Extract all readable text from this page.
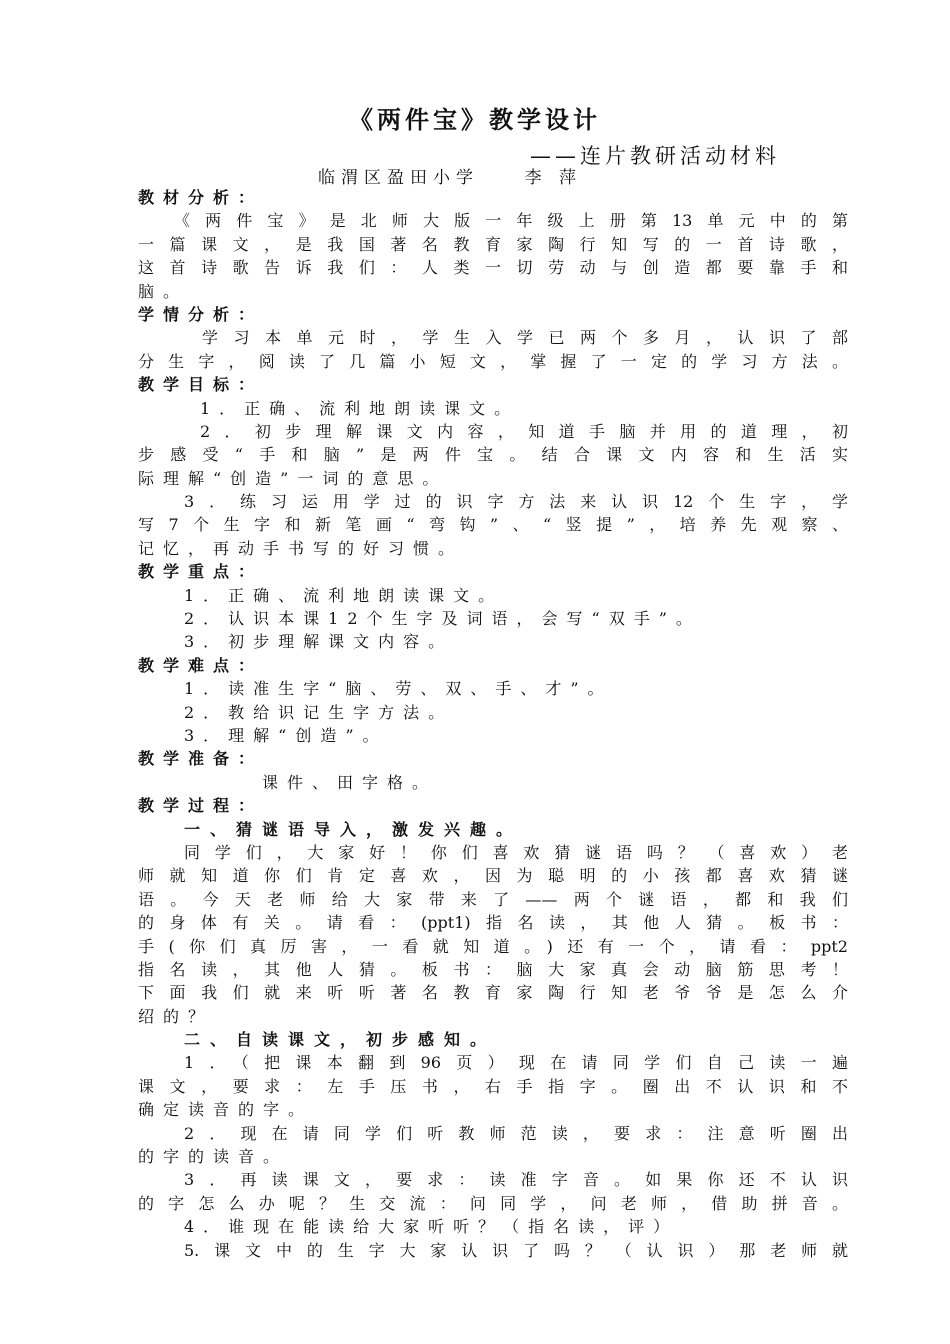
《两件宝》教学设计
——连片教研活动材料
临渭区盈田小学    李 萍
教材分析：
《两件宝》是北师大版一年级上册第13单元中的第
一篇课文，是我国著名教育家陶行知写的一首诗歌，
这首诗歌告诉我们：人类一切劳动与创造都要靠手和
脑。
学情分析：
学习本单元时，学生入学已两个多月，认识了部
分生字，阅读了几篇小短文，掌握了一定的学习方法。
教学目标：
1．正确、流利地朗读课文。
2．初步理解课文内容，知道手脑并用的道理，初
步感受“手和脑”是两件宝。结合课文内容和生活实
际理解“创造”一词的意思。
3．练习运用学过的识字方法来认识12个生字，学
写7个生字和新笔画“弯钩”、“竖提”，培养先观察、
记忆，再动手书写的好习惯。
教学重点：
1．正确、流利地朗读课文。
2．认识本课12个生字及词语，会写“双手”。
3．初步理解课文内容。
教学难点：
1．读准生字“脑、劳、双、手、才”。
2．教给识记生字方法。
3．理解“创造”。
教学准备：
课件、田字格。
教学过程：
一、猜谜语导入，激发兴趣。
同学们，大家好！你们喜欢猜谜语吗？（喜欢）老
师就知道你们肯定喜欢，因为聪明的小孩都喜欢猜谜
语。今天老师给大家带来了——两个谜语，都和我们
的身体有关。请看：(ppt1)指名读，其他人猜。板书：
手(你们真厉害，一看就知道。)还有一个，请看：ppt2
指名读，其他人猜。板书：脑大家真会动脑筋思考！
下面我们就来听听著名教育家陶行知老爷爷是怎么介
绍的？
二、自读课文，初步感知。
1．（把课本翻到96页）现在请同学们自己读一遍
课文，要求：左手压书，右手指字。圈出不认识和不
确定读音的字。
2．现在请同学们听教师范读，要求：注意听圈出
的字的读音。
3．再读课文，要求：读准字音。如果你还不认识
的字怎么办呢？生交流：问同学，问老师，借助拼音。
4．谁现在能读给大家听听？（指名读，评）
5.课文中的生字大家认识了吗？（认识）那老师就
